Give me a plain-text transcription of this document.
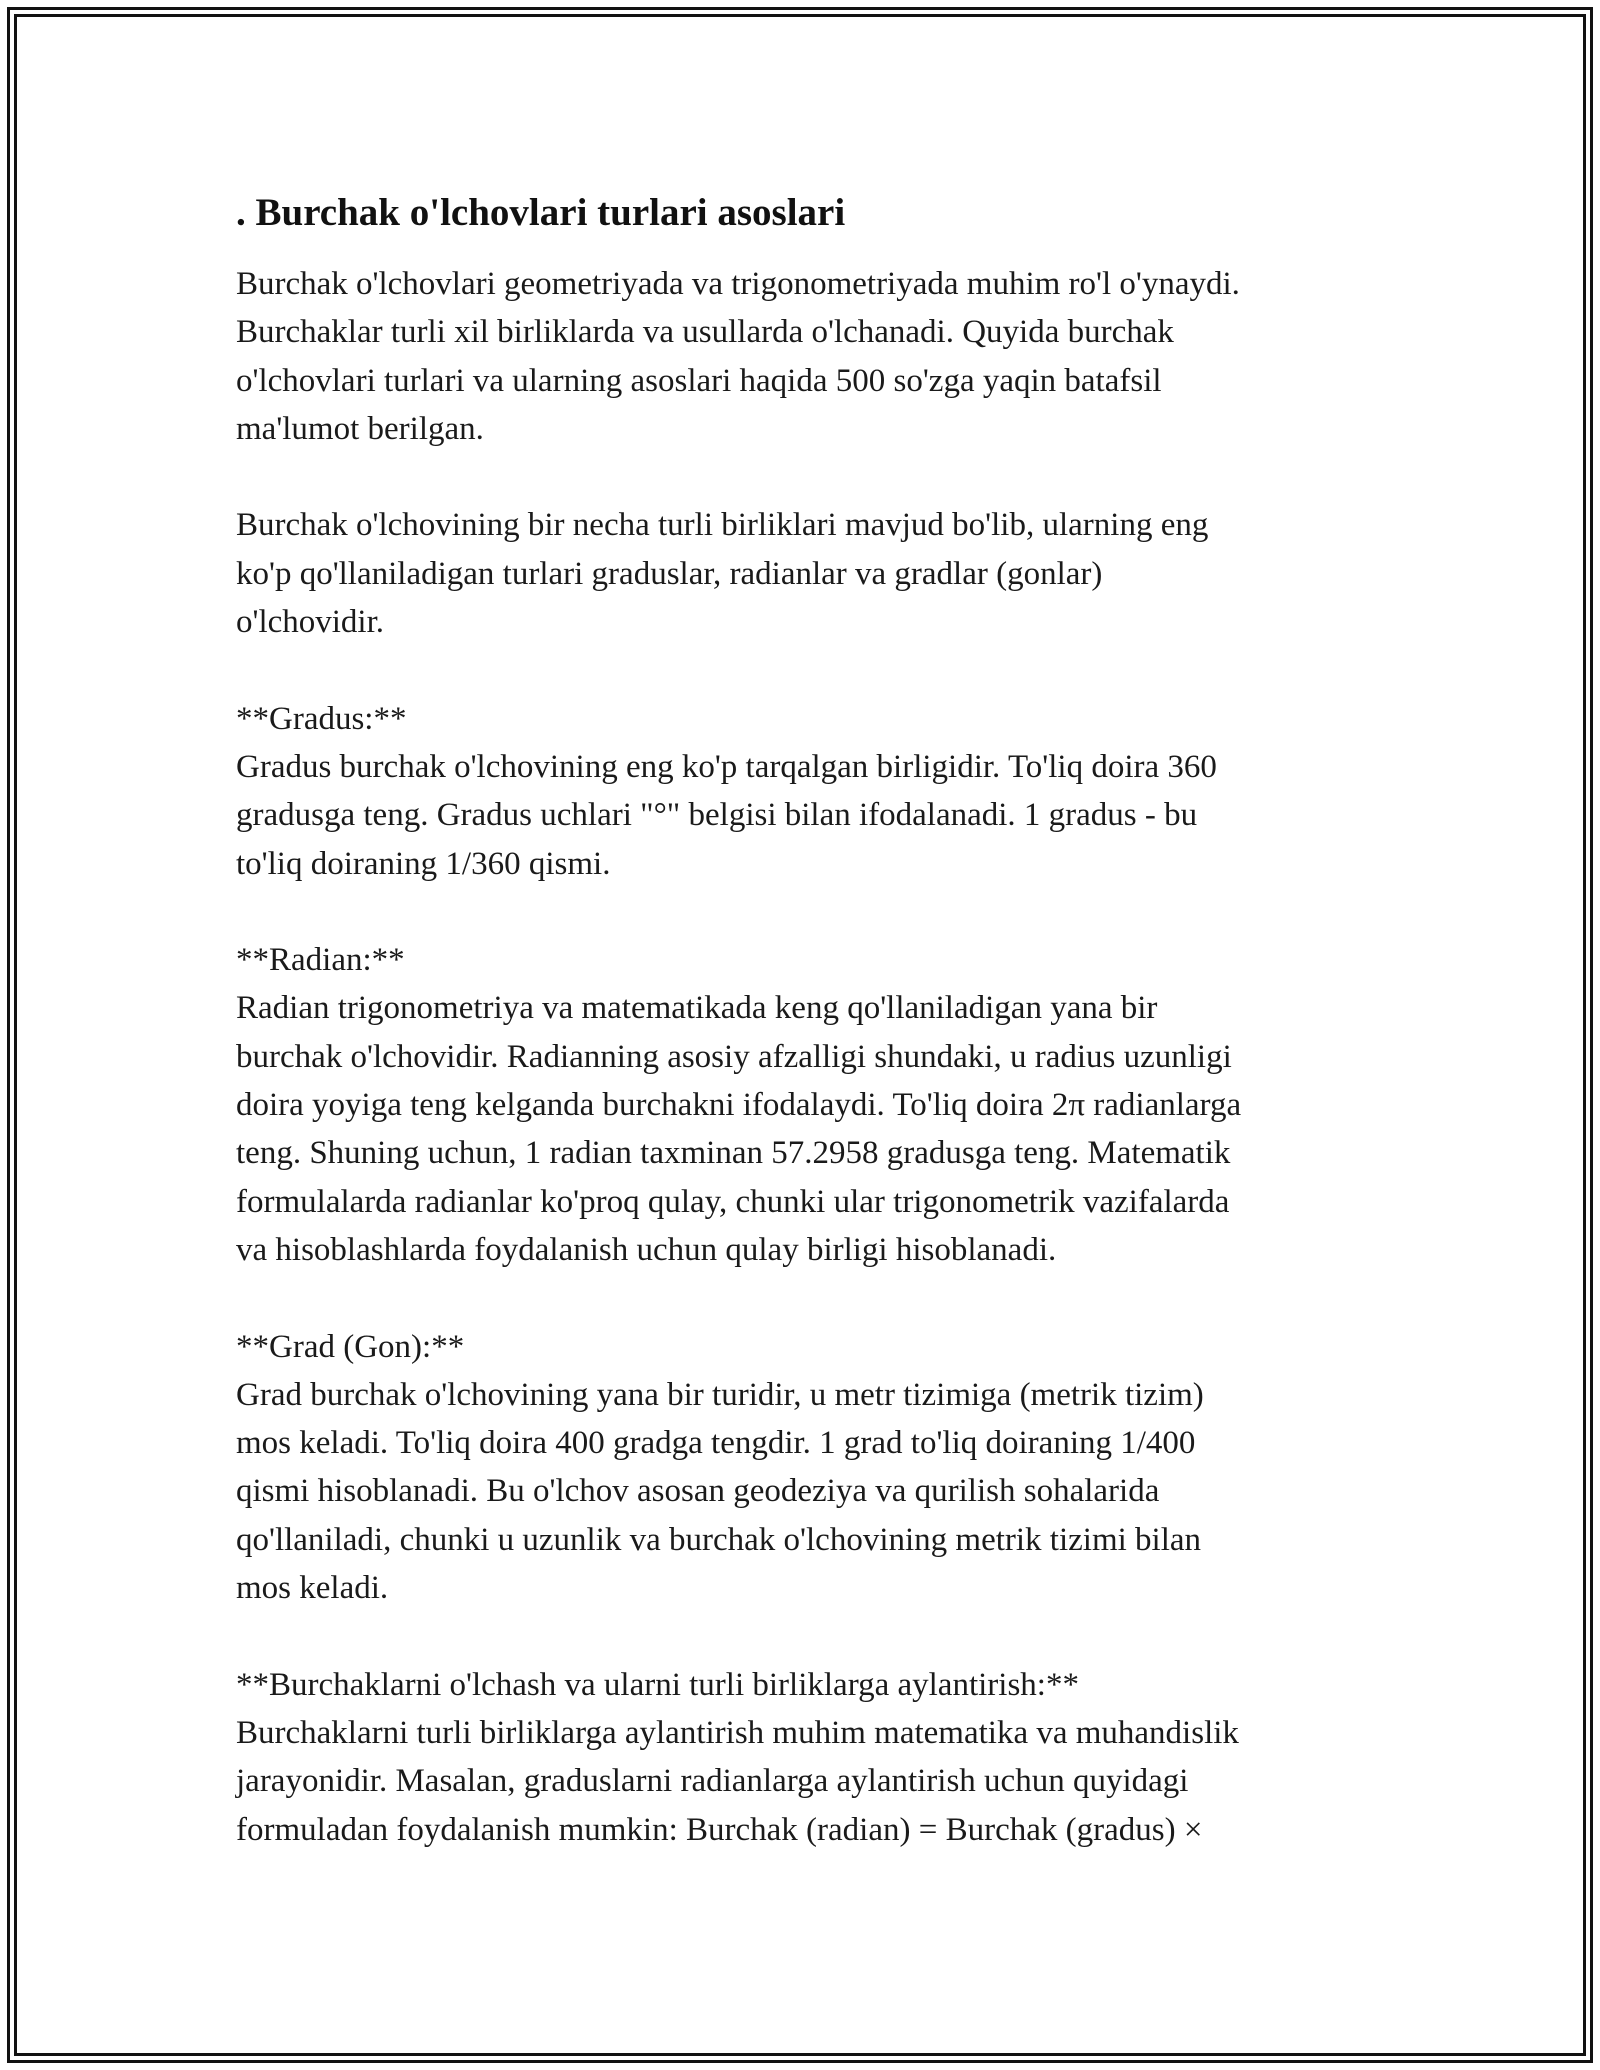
. Burchak o'lchovlari turlari asoslari
Burchak o'lchovlari geometriyada va trigonometriyada muhim ro'l o'ynaydi.
Burchaklar turli xil birliklarda va usullarda o'lchanadi. Quyida burchak
o'lchovlari turlari va ularning asoslari haqida 500 so'zga yaqin batafsil
ma'lumot berilgan.
Burchak o'lchovining bir necha turli birliklari mavjud bo'lib, ularning eng
ko'p qo'llaniladigan turlari graduslar, radianlar va gradlar (gonlar)
o'lchovidir.
**Gradus:**
Gradus burchak o'lchovining eng ko'p tarqalgan birligidir. To'liq doira 360
gradusga teng. Gradus uchlari "°" belgisi bilan ifodalanadi. 1 gradus - bu
to'liq doiraning 1/360 qismi.
**Radian:**
Radian trigonometriya va matematikada keng qo'llaniladigan yana bir
burchak o'lchovidir. Radianning asosiy afzalligi shundaki, u radius uzunligi
doira yoyiga teng kelganda burchakni ifodalaydi. To'liq doira 2π radianlarga
teng. Shuning uchun, 1 radian taxminan 57.2958 gradusga teng. Matematik
formulalarda radianlar ko'proq qulay, chunki ular trigonometrik vazifalarda
va hisoblashlarda foydalanish uchun qulay birligi hisoblanadi.
**Grad (Gon):**
Grad burchak o'lchovining yana bir turidir, u metr tizimiga (metrik tizim)
mos keladi. To'liq doira 400 gradga tengdir. 1 grad to'liq doiraning 1/400
qismi hisoblanadi. Bu o'lchov asosan geodeziya va qurilish sohalarida
qo'llaniladi, chunki u uzunlik va burchak o'lchovining metrik tizimi bilan
mos keladi.
**Burchaklarni o'lchash va ularni turli birliklarga aylantirish:**
Burchaklarni turli birliklarga aylantirish muhim matematika va muhandislik
jarayonidir. Masalan, graduslarni radianlarga aylantirish uchun quyidagi
formuladan foydalanish mumkin: Burchak (radian) = Burchak (gradus) ×
